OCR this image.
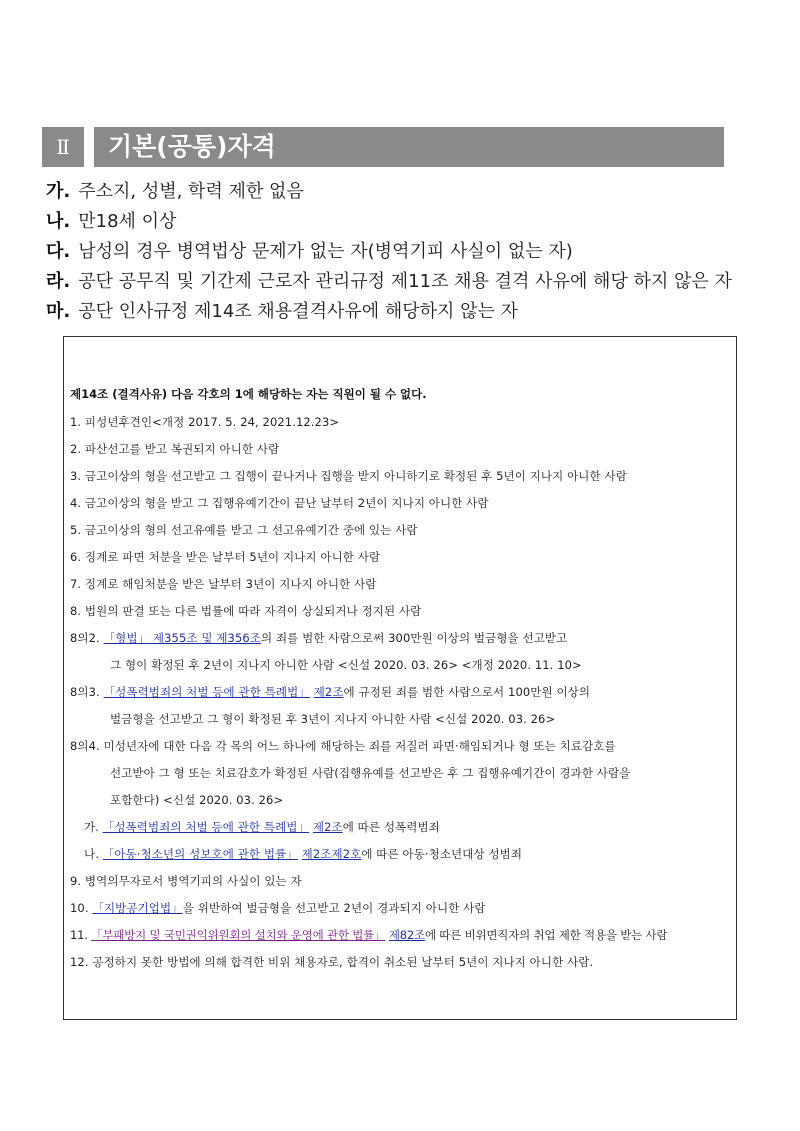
Ⅱ	기본(공통)자격
가. 주소지, 성별, 학력 제한 없음
나. 만18세 이상
다. 남성의 경우 병역법상 문제가 없는 자(병역기피 사실이 없는 자)
라. 공단 공무직 및 기간제 근로자 관리규정 제11조 채용 결격 사유에 해당 하지 않은 자
마. 공단 인사규정 제14조 채용결격사유에 해당하지 않는 자
제14조 (결격사유) 다음 각호의 1에 해당하는 자는 직원이 될 수 없다.
1. 피성년후견인<개정 2017. 5. 24, 2021.12.23>
2. 파산선고를 받고 복권되지 아니한 사람
3. 금고이상의 형을 선고받고 그 집행이 끝나거나 집행을 받지 아니하기로 확정된 후 5년이 지나지 아니한 사람
4. 금고이상의 형을 받고 그 집행유예기간이 끝난 날부터 2년이 지나지 아니한 사람
5. 금고이상의 형의 선고유예를 받고 그 선고유예기간 중에 있는 사람
6. 징계로 파면 처분을 받은 날부터 5년이 지나지 아니한 사람
7. 징계로 해임처분을 받은 날부터 3년이 지나지 아니한 사람
8. 법원의 판결 또는 다른 법률에 따라 자격이 상실되거나 정지된 사람
8의2. 「형법」 제355조 및 제356조의 죄를 범한 사람으로써 300만원 이상의 벌금형을 선고받고
그 형이 확정된 후 2년이 지나지 아니한 사람 <신설 2020. 03. 26> <개정 2020. 11. 10>
8의3. 「성폭력범죄의 처벌 등에 관한 특례법」 제2조에 규정된 죄를 범한 사람으로서 100만원 이상의
벌금형을 선고받고 그 형이 확정된 후 3년이 지나지 아니한 사람 <신설 2020. 03. 26>
8의4. 미성년자에 대한 다음 각 목의 어느 하나에 해당하는 죄를 저질러 파면·해임되거나 형 또는 치료감호를
선고받아 그 형 또는 치료감호가 확정된 사람(집행유예를 선고받은 후 그 집행유예기간이 경과한 사람을
포함한다) <신설 2020. 03. 26>
가. 「성폭력범죄의 처벌 등에 관한 특례법」 제2조에 따른 성폭력범죄
나. 「아동·청소년의 성보호에 관한 법률」 제2조제2호에 따른 아동·청소년대상 성범죄
9. 병역의무자로서 병역기피의 사실이 있는 자
10. 「지방공기업법」을 위반하여 벌금형을 선고받고 2년이 경과되지 아니한 사람
11. 「부패방지 및 국민권익위원회의 설치와 운영에 관한 법률」 제82조에 따른 비위면직자의 취업 제한 적용을 받는 사람
12. 공정하지 못한 방법에 의해 합격한 비위 채용자로, 합격이 취소된 날부터 5년이 지나지 아니한 사람.
